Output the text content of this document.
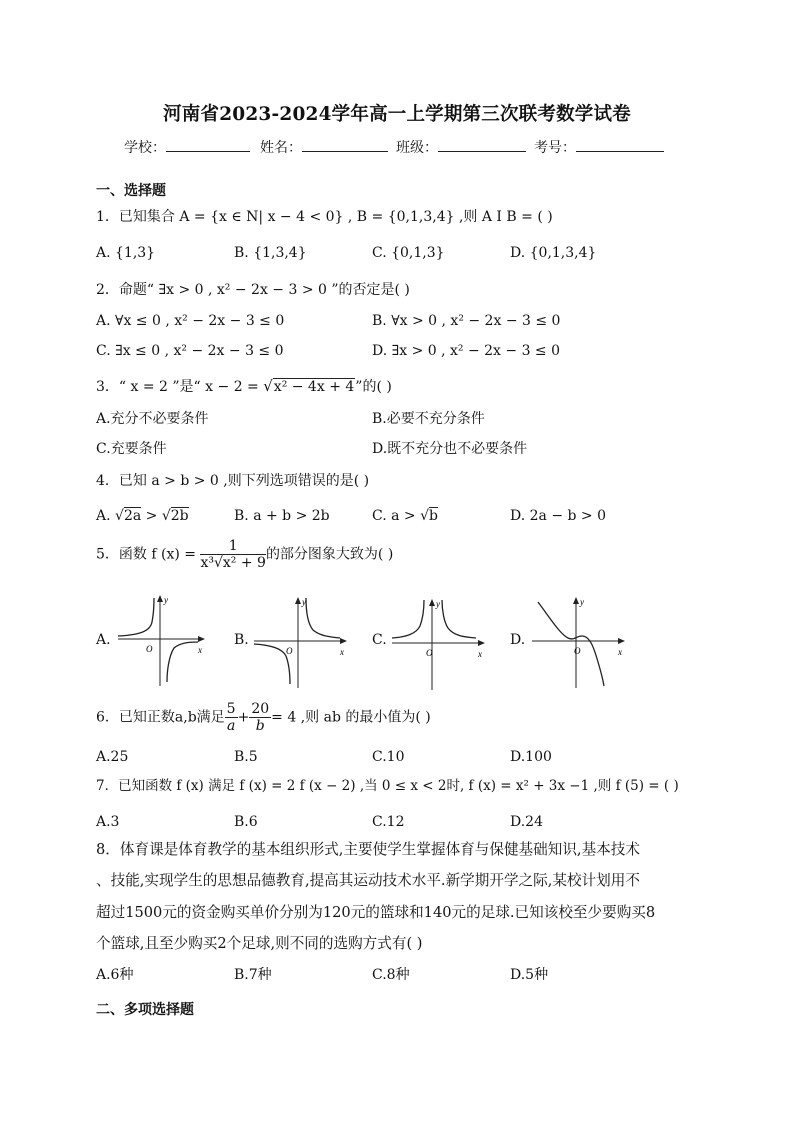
河南省2023-2024学年高一上学期第三次联考数学试卷
学校：	姓名：	班级：	考号：
一、选择题
1．已知集合 A = {x ∈ N| x − 4 < 0} , B = {0,1,3,4} ,则 A I B = ( )
A. {1,3}	B. {1,3,4}	C. {0,1,3}	D. {0,1,3,4}
2．命题“ ∃x > 0 , x² − 2x − 3 > 0 ”的否定是( )
A. ∀x ≤ 0 , x² − 2x − 3 ≤ 0	B. ∀x > 0 , x² − 2x − 3 ≤ 0
C. ∃x ≤ 0 , x² − 2x − 3 ≤ 0	D. ∃x > 0 , x² − 2x − 3 ≤ 0
3．“ x = 2 ”是“ x − 2 = √x² − 4x + 4”的( )
A.充分不必要条件	B.必要不充分条件
C.充要条件	D.既不充分也不必要条件
4．已知 a > b > 0 ,则下列选项错误的是( )
A. √2a > √2b	B. a + b > 2b	C. a > √b	D. 2a − b > 0
5．函数 f $(x) = \frac{1}{\text{x³√x² + 9}}$ 的部分图象大致为( )
A.	B.	C.	D.
y
x
O
y
x
O
y
x
O
y
x
O
6．已知正数a,b满足 $\frac{5}{a} + \frac{20}{b} = 4$ ,则 ab 的最小值为( )
A.25	B.5	C.10	D.100
7．已知函数 f (x) 满足 f (x) = 2 f (x − 2) ,当 0 ≤ x < 2时, f (x) = x² + 3x −1 ,则 f (5) = ( )
A.3	B.6	C.12	D.24
8．体育课是体育教学的基本组织形式,主要使学生掌握体育与保健基础知识,基本技术
、技能,实现学生的思想品德教育,提高其运动技术水平.新学期开学之际,某校计划用不
超过1500元的资金购买单价分别为120元的篮球和140元的足球.已知该校至少要购买8
个篮球,且至少购买2个足球,则不同的选购方式有( )
A.6种	B.7种	C.8种	D.5种
二、多项选择题
